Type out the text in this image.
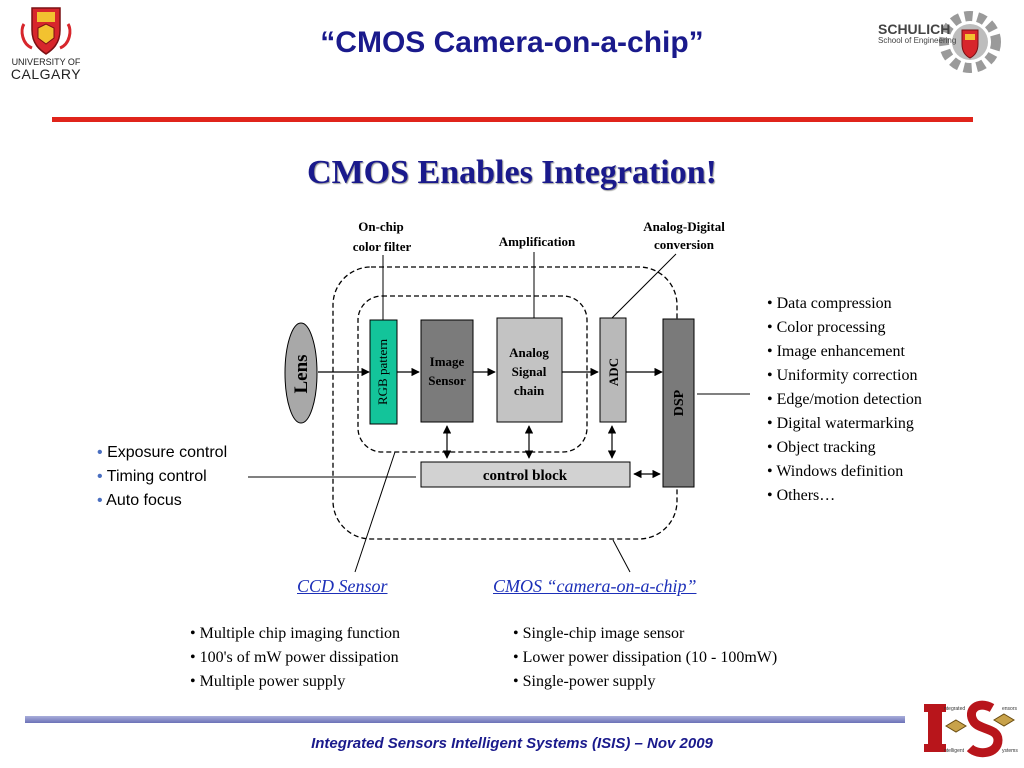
UNIVERSITY OF
CALGARY
“CMOS Camera-on-a-chip”	SCHULICH
School of Engineering
CMOS Enables Integration!
Lens	RGB pattern	Image
Sensor
Analog
Signal
chain
ADC
DSP
control block
On-chip
color filter	Amplification
Analog-Digital
conversion
• Data compression
• Color processing
• Image enhancement
• Uniformity correction
• Edge/motion detection
• Digital watermarking
• Object tracking
• Windows definition
• Others…
• Exposure control
• Timing control
• Auto focus
CCD Sensor	CMOS “camera-on-a-chip”
• Multiple chip imaging function
• 100's of mW power dissipation
• Multiple power supply
• Single-chip image sensor
• Lower power dissipation (10 - 100mW)
• Single-power supply
Integrated Sensors Intelligent Systems (ISIS) – Nov 2009
ntegrated
ntelligent
ensors
ystems
